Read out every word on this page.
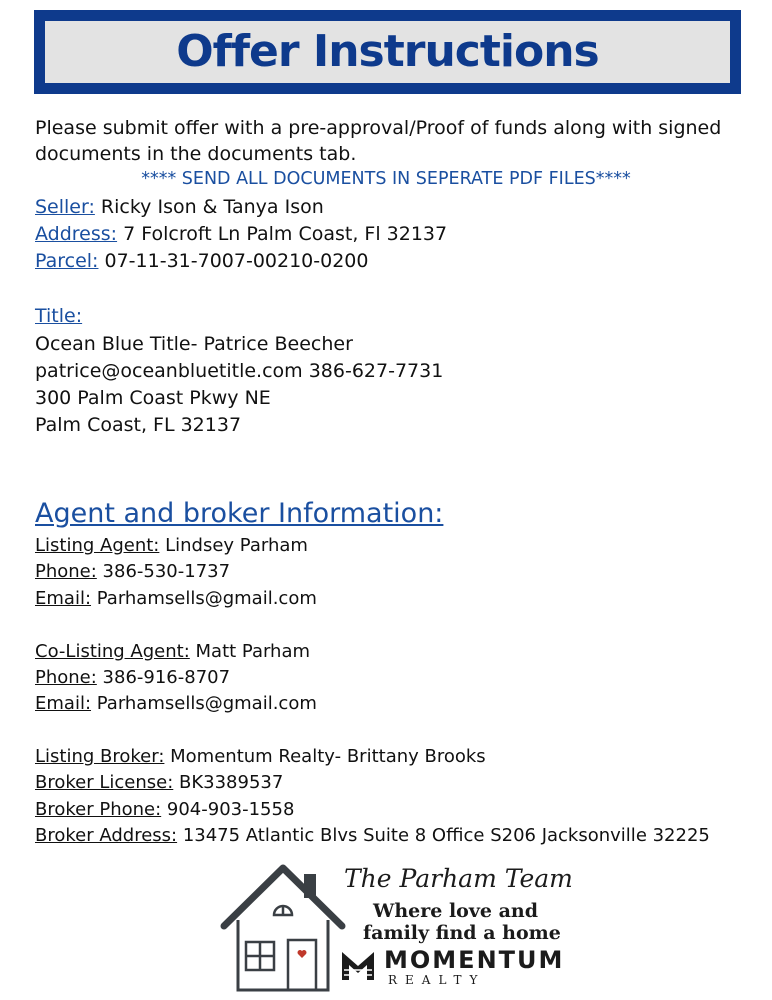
Offer Instructions
Please submit offer with a pre-approval/Proof of funds along with signed
documents in the documents tab.
**** SEND ALL DOCUMENTS IN SEPERATE PDF FILES****
Seller: Ricky Ison & Tanya Ison
Address: 7 Folcroft Ln Palm Coast, Fl 32137
Parcel: 07-11-31-7007-00210-0200
Title:
Ocean Blue Title- Patrice Beecher
patrice@oceanbluetitle.com 386-627-7731
300 Palm Coast Pkwy NE
Palm Coast, FL 32137
Agent and broker Information:
Listing Agent: Lindsey Parham
Phone: 386-530-1737
Email: Parhamsells@gmail.com
Co-Listing Agent: Matt Parham
Phone: 386-916-8707
Email: Parhamsells@gmail.com
Listing Broker: Momentum Realty- Brittany Brooks
Broker License: BK3389537
Broker Phone: 904-903-1558
Broker Address: 13475 Atlantic Blvs Suite 8 Office S206 Jacksonville 32225
The Parham Team
Where love and
family find a home
MOMENTUM
REALTY
